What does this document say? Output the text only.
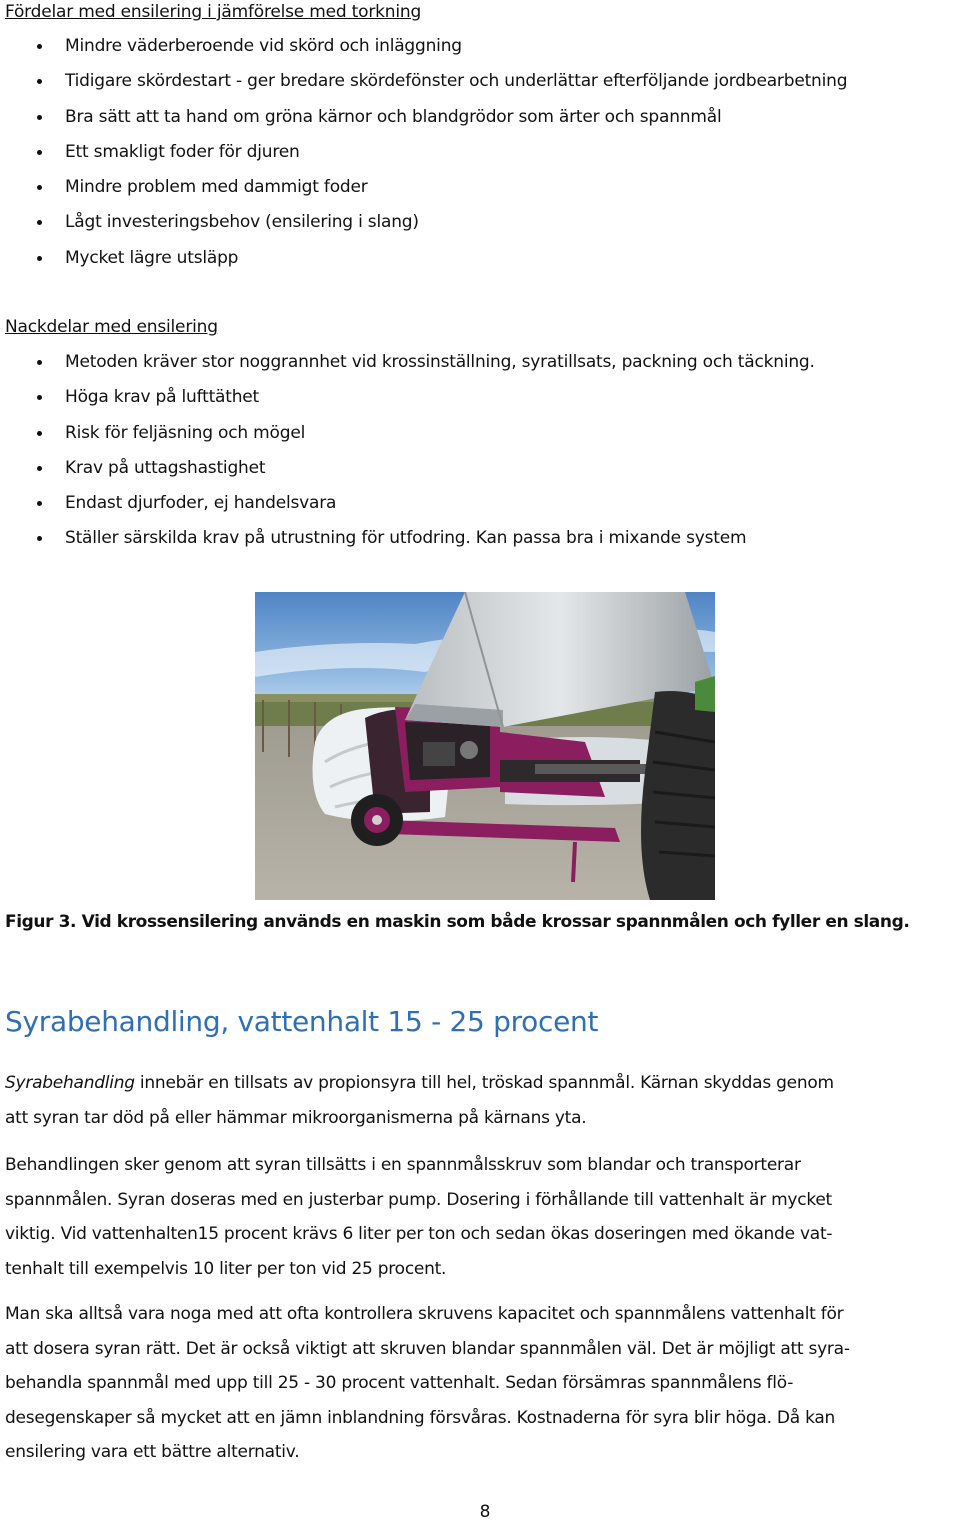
Fördelar med ensilering i jämförelse med torkning
Mindre väderberoende vid skörd och inläggning
Tidigare skördestart - ger bredare skördefönster och underlättar efterföljande jordbearbetning
Bra sätt att ta hand om gröna kärnor och blandgrödor som ärter och spannmål
Ett smakligt foder för djuren
Mindre problem med dammigt foder
Lågt investeringsbehov (ensilering i slang)
Mycket lägre utsläpp
Nackdelar med ensilering
Metoden kräver stor noggrannhet vid krossinställning, syratillsats, packning och täckning.
Höga krav på lufttäthet
Risk för feljäsning och mögel
Krav på uttagshastighet
Endast djurfoder, ej handelsvara
Ställer särskilda krav på utrustning för utfodring. Kan passa bra i mixande system

Figur 3. Vid krossensilering används en maskin som både krossar spannmålen och fyller en slang.

Syrabehandling, vattenhalt 15 - 25 procent

Syrabehandling innebär en tillsats av propionsyra till hel, tröskad spannmål. Kärnan skyddas genom
att syran tar död på eller hämmar mikroorganismerna på kärnans yta.

Behandlingen sker genom att syran tillsätts i en spannmålsskruv som blandar och transporterar
spannmålen. Syran doseras med en justerbar pump. Dosering i förhållande till vattenhalt är mycket
viktig. Vid vattenhalten15 procent krävs 6 liter per ton och sedan ökas doseringen med ökande vat-
tenhalt till exempelvis 10 liter per ton vid 25 procent.

Man ska alltså vara noga med att ofta kontrollera skruvens kapacitet och spannmålens vattenhalt för
att dosera syran rätt. Det är också viktigt att skruven blandar spannmålen väl. Det är möjligt att syra-
behandla spannmål med upp till 25 - 30 procent vattenhalt. Sedan försämras spannmålens flö-
desegenskaper så mycket att en jämn inblandning försvåras. Kostnaderna för syra blir höga. Då kan
ensilering vara ett bättre alternativ.

8
